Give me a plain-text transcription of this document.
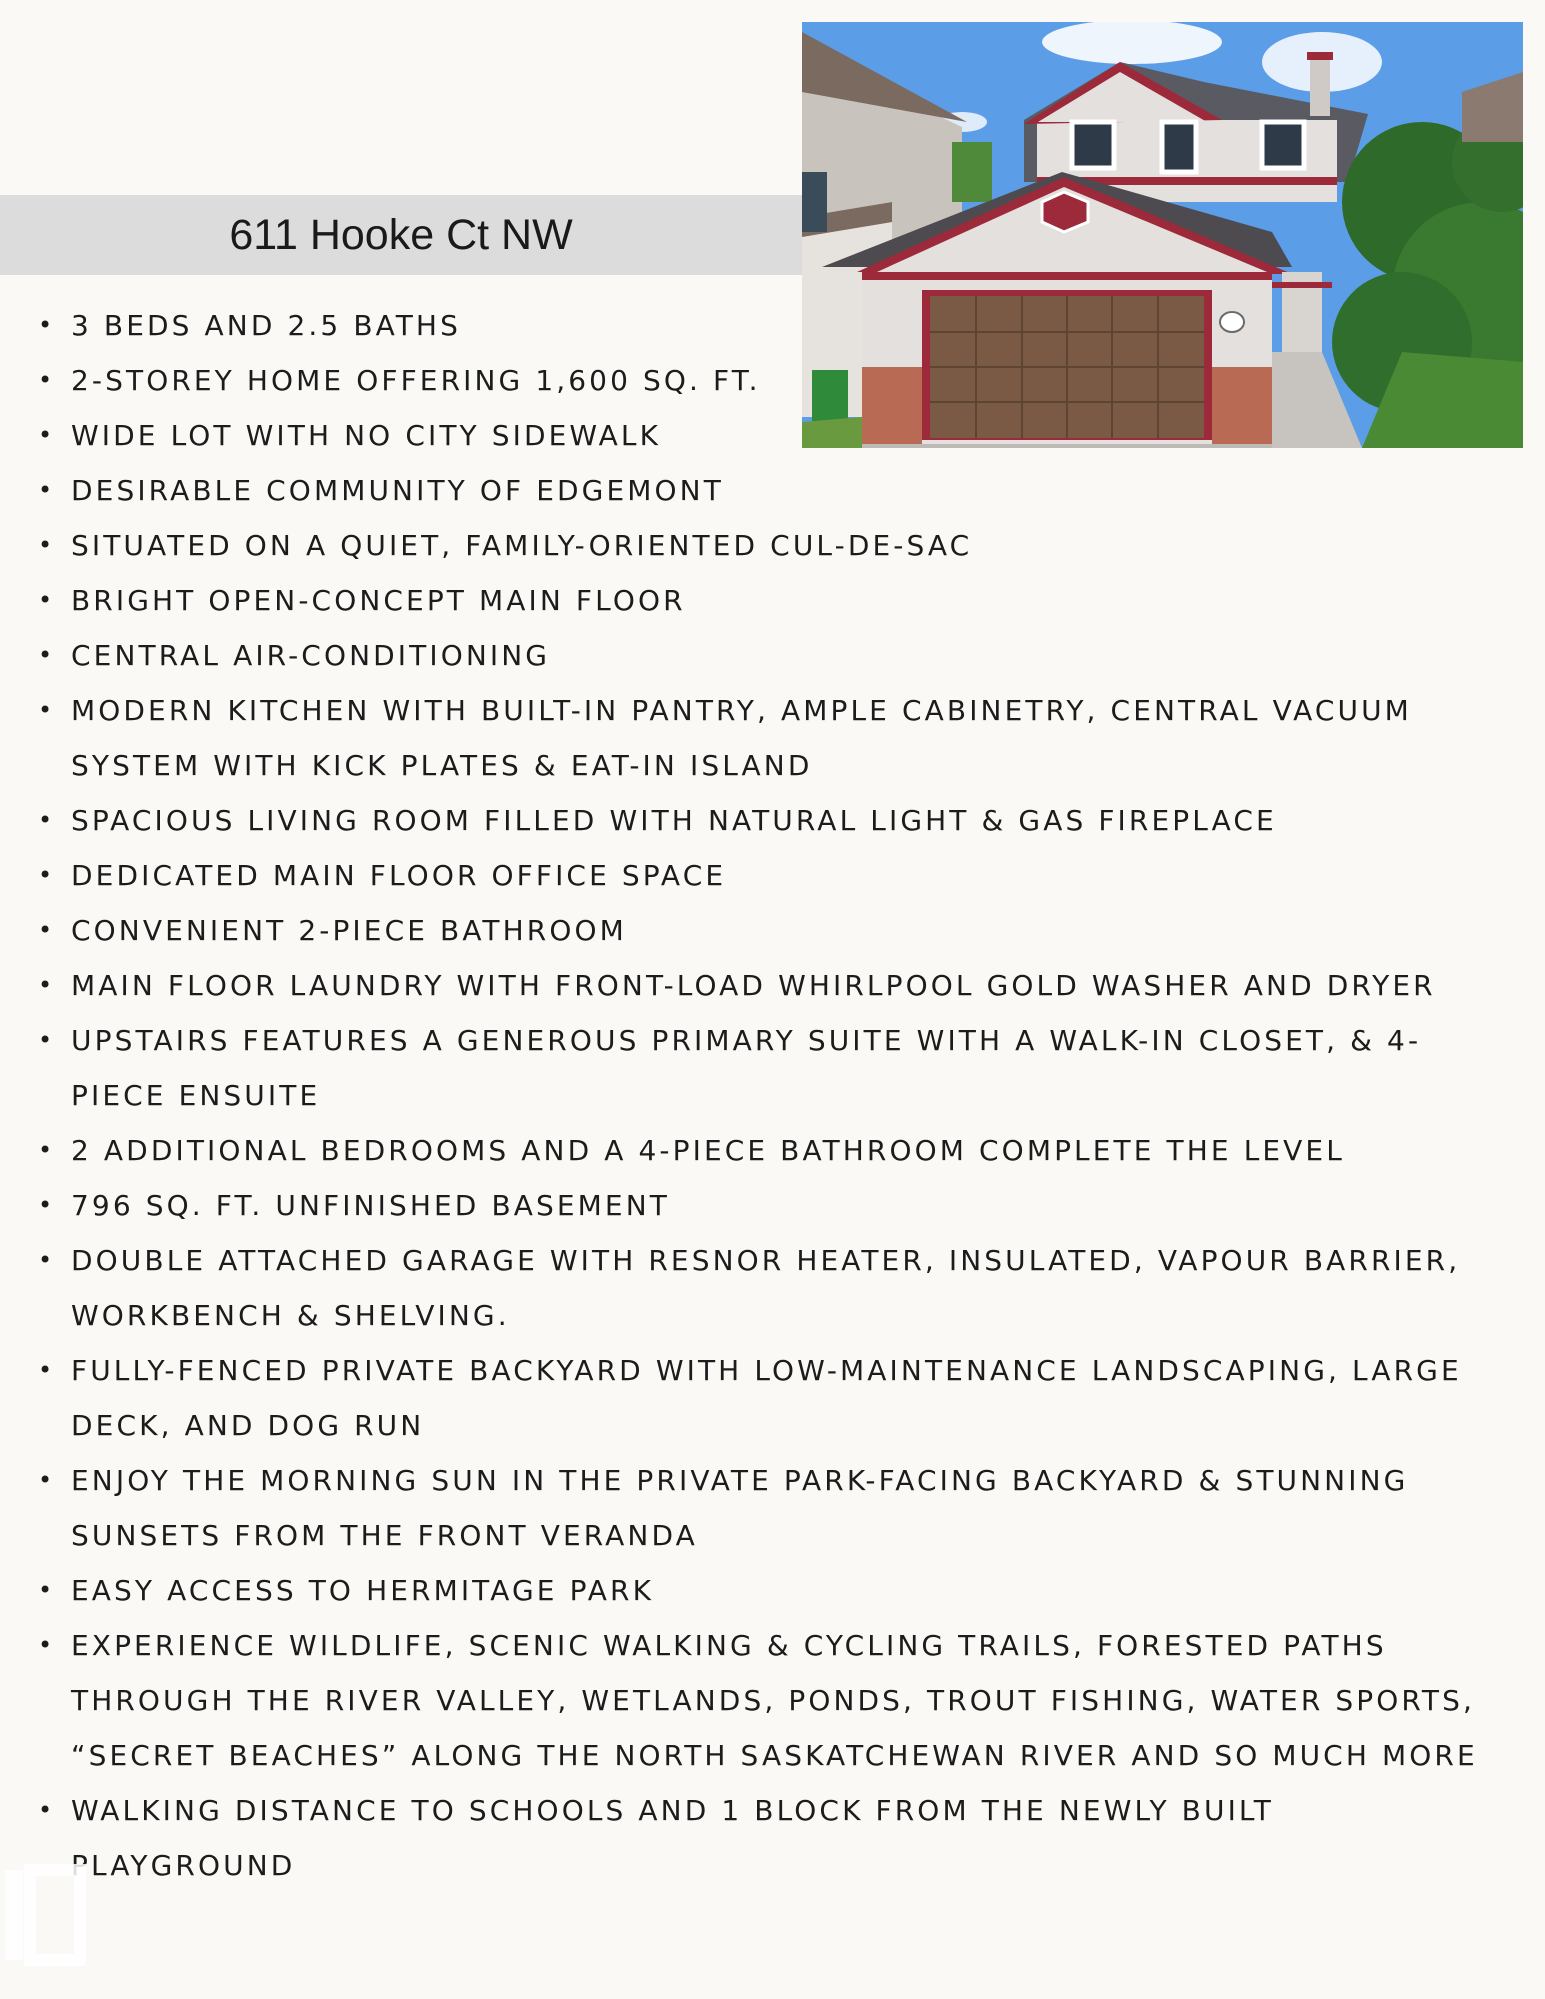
611 Hooke Ct NW
• 3 BEDS AND 2.5 BATHS
• 2-STOREY HOME OFFERING 1,600 SQ. FT.
• WIDE LOT WITH NO CITY SIDEWALK
• DESIRABLE COMMUNITY OF EDGEMONT
• SITUATED ON A QUIET, FAMILY-ORIENTED CUL-DE-SAC
• BRIGHT OPEN-CONCEPT MAIN FLOOR
• CENTRAL AIR-CONDITIONING
• MODERN KITCHEN WITH BUILT-IN PANTRY, AMPLE CABINETRY, CENTRAL VACUUM SYSTEM WITH KICK PLATES & EAT-IN ISLAND
• SPACIOUS LIVING ROOM FILLED WITH NATURAL LIGHT & GAS FIREPLACE
• DEDICATED MAIN FLOOR OFFICE SPACE
• CONVENIENT 2-PIECE BATHROOM
• MAIN FLOOR LAUNDRY WITH FRONT-LOAD WHIRLPOOL GOLD WASHER AND DRYER
• UPSTAIRS FEATURES A GENEROUS PRIMARY SUITE WITH A WALK-IN CLOSET, & 4-PIECE ENSUITE
• 2 ADDITIONAL BEDROOMS AND A 4-PIECE BATHROOM COMPLETE THE LEVEL
• 796 SQ. FT. UNFINISHED BASEMENT
• DOUBLE ATTACHED GARAGE WITH RESNOR HEATER, INSULATED, VAPOUR BARRIER, WORKBENCH & SHELVING.
• FULLY-FENCED PRIVATE BACKYARD WITH LOW-MAINTENANCE LANDSCAPING, LARGE DECK, AND DOG RUN
• ENJOY THE MORNING SUN IN THE PRIVATE PARK-FACING BACKYARD & STUNNING SUNSETS FROM THE FRONT VERANDA
• EASY ACCESS TO HERMITAGE PARK
• EXPERIENCE WILDLIFE, SCENIC WALKING & CYCLING TRAILS, FORESTED PATHS THROUGH THE RIVER VALLEY, WETLANDS, PONDS, TROUT FISHING, WATER SPORTS, “SECRET BEACHES” ALONG THE NORTH SASKATCHEWAN RIVER AND SO MUCH MORE
• WALKING DISTANCE TO SCHOOLS AND 1 BLOCK FROM THE NEWLY BUILT PLAYGROUND
